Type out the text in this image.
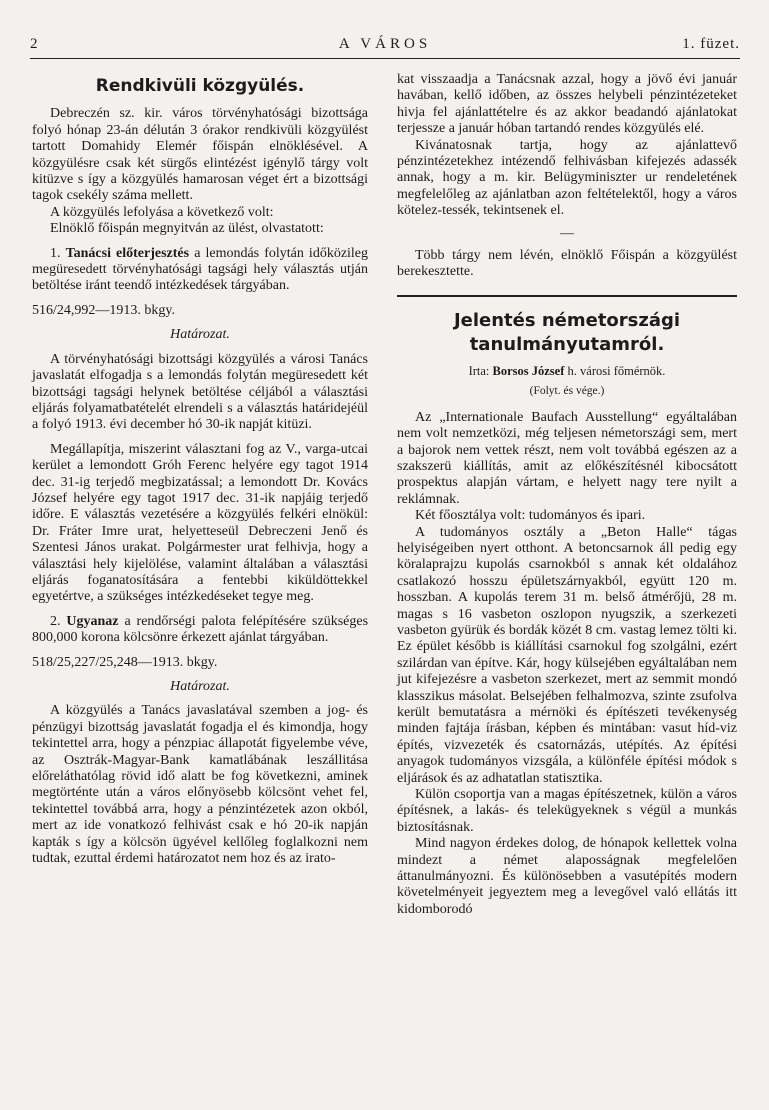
2	A VÁROS	1. füzet.
Rendkivüli közgyülés.

Debreczén sz. kir. város törvényhatósági bizottsága folyó hónap 23-án délután 3 órakor rendkivüli közgyülést tartott Domahidy Elemér főispán elnöklésével. A közgyülésre csak két sürgős elintézést igénylő tárgy volt kitüzve s így a közgyülés hamarosan véget ért a bizottsági tagok csekély száma mellett.

A közgyülés lefolyása a következő volt:

Elnöklő főispán megnyitván az ülést, olvastatott:

1. Tanácsi előterjesztés a lemondás folytán időközileg megüresedett törvényhatósági tagsági hely választás utján betöltése iránt teendő intézkedések tárgyában.

516/24,992—1913. bkgy.

Határozat.

A törvényhatósági bizottsági közgyülés a városi Tanács javaslatát elfogadja s a lemondás folytán megüresedett két bizottsági tagsági helynek betöltése céljából a választási eljárás folyamatbatételét elrendeli s a választás határidejéül a folyó 1913. évi december hó 30-ik napját kitüzi.

Megállapítja, miszerint választani fog az V., varga-utcai kerület a lemondott Gróh Ferenc helyére egy tagot 1914 dec. 31-ig terjedő megbizatással; a lemondott Dr. Kovács József helyére egy tagot 1917 dec. 31-ik napjáig terjedő időre. E választás vezetésére a közgyülés felkéri elnökül: Dr. Fráter Imre urat, helyetteseül Debreczeni Jenő és Szentesi János urakat. Polgármester urat felhivja, hogy a választási hely kijelölése, valamint általában a választási eljárás foganatosítására a fentebbi kiküldöttekkel egyetértve, a szükséges intézkedéseket tegye meg.

2. Ugyanaz a rendőrségi palota felépítésére szükséges 800,000 korona kölcsönre érkezett ajánlat tárgyában.

518/25,227/25,248—1913. bkgy.

Határozat.

A közgyülés a Tanács javaslatával szemben a jog- és pénzügyi bizottság javaslatát fogadja el és kimondja, hogy tekintettel arra, hogy a pénzpiac állapotát figyelembe véve, az Osztrák-Magyar-Bank kamatlábának leszállitása előreláthatólag rövid idő alatt be fog következni, aminek megtörténte után a város előnyösebb kölcsönt vehet fel, tekintettel továbbá arra, hogy a pénzintézetek azon okból, mert az ide vonatkozó felhivást csak e hó 20-ik napján kapták s így a kölcsön ügyével kellőleg foglalkozni nem tudtak, ezuttal érdemi határozatot nem hoz és az irato-

kat visszaadja a Tanácsnak azzal, hogy a jövő évi január havában, kellő időben, az összes helybeli pénzintézeteket hivja fel ajánlattételre és az akkor beadandó ajánlatokat terjessze a január hóban tartandó rendes közgyülés elé.

Kivánatosnak tartja, hogy az ajánlattevő pénzintézetekhez intézendő felhivásban kifejezés adassék annak, hogy a m. kir. Belügyminiszter ur rendeletének megfelelőleg az ajánlatban azon feltételektől, hogy a város kötelez-tessék, tekintsenek el.

—

Több tárgy nem lévén, elnöklő Főispán a közgyülést berekesztette.

Jelentés németországi tanulmányutamról.
Irta: Borsos József h. városi főmérnök.
(Folyt. és vége.)

Az „Internationale Baufach Ausstellung“ egyáltalában nem volt nemzetközi, még teljesen németországi sem, mert a bajorok nem vettek részt, nem volt továbbá egészen az a szakszerü kiállítás, amit az előkészítésnél kibocsátott prospektus alapján vártam, e helyett nagy tere nyilt a reklámnak.

Két főosztálya volt: tudományos és ipari.

A tudományos osztály a „Beton Halle“ tágas helyiségeiben nyert otthont. A betoncsarnok áll pedig egy köralaprajzu kupolás csarnokból s annak két oldalához csatlakozó hosszu épületszárnyakból, együtt 120 m. hosszban. A kupolás terem 31 m. belső átmérőjü, 28 m. magas s 16 vasbeton oszlopon nyugszik, a szerkezeti vasbeton gyürük és bordák közét 8 cm. vastag lemez tölti ki. Ez épület később is kiállítási csarnokul fog szolgálni, ezért szilárdan van építve. Kár, hogy külsejében egyáltalában nem jut kifejezésre a vasbeton szerkezet, mert az semmit mondó klasszikus másolat. Belsejében felhalmozva, szinte zsufolva került bemutatásra a mérnöki és építészeti tevékenység minden fajtája írásban, képben és mintában: vasut híd-viz építés, vizvezeték és csatornázás, utépítés. Az építési anyagok tudományos vizsgála, a különféle építési módok s eljárások és az adhatatlan statisztika.

Külön csoportja van a magas építészetnek, külön a város építésnek, a lakás- és telekügyeknek s végül a munkás biztosításnak.

Mind nagyon érdekes dolog, de hónapok kellettek volna mindezt a német alaposságnak megfelelően áttanulmányozni. És különösebben a vasutépítés modern követelményeit jegyeztem meg a levegővel való ellátás itt kidomborodó
